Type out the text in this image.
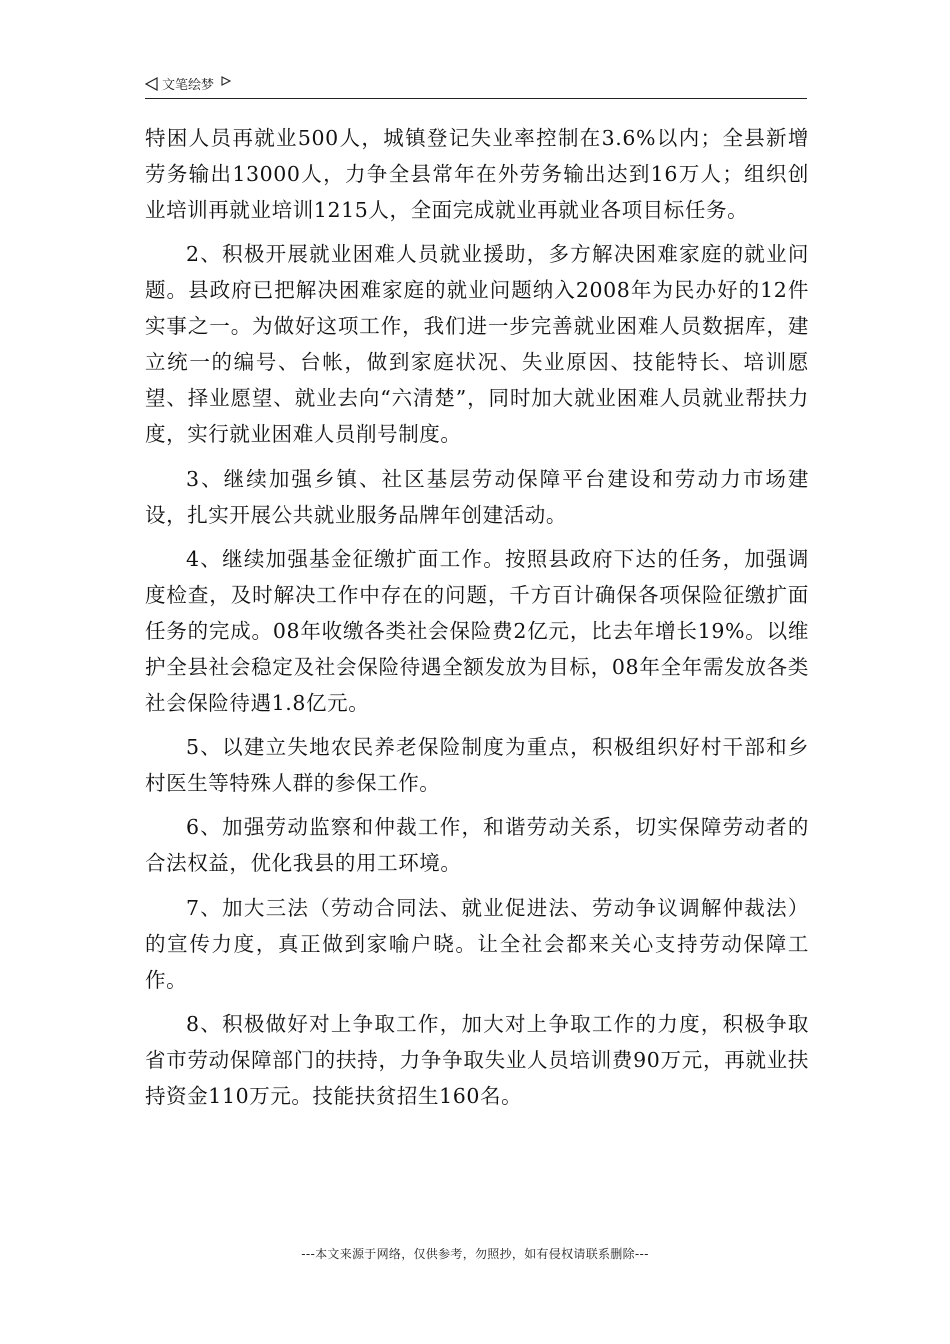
文笔绘梦

特困人员再就业500人，城镇登记失业率控制在3.6%以内；全县新增劳务输出13000人，力争全县常年在外劳务输出达到16万人；组织创业培训再就业培训1215人，全面完成就业再就业各项目标任务。

2、积极开展就业困难人员就业援助，多方解决困难家庭的就业问题。县政府已把解决困难家庭的就业问题纳入2008年为民办好的12件实事之一。为做好这项工作，我们进一步完善就业困难人员数据库，建立统一的编号、台帐，做到家庭状况、失业原因、技能特长、培训愿望、择业愿望、就业去向“六清楚”，同时加大就业困难人员就业帮扶力度，实行就业困难人员削号制度。

3、继续加强乡镇、社区基层劳动保障平台建设和劳动力市场建设，扎实开展公共就业服务品牌年创建活动。

4、继续加强基金征缴扩面工作。按照县政府下达的任务，加强调度检查，及时解决工作中存在的问题，千方百计确保各项保险征缴扩面任务的完成。08年收缴各类社会保险费2亿元，比去年增长19%。以维护全县社会稳定及社会保险待遇全额发放为目标，08年全年需发放各类社会保险待遇1.8亿元。

5、以建立失地农民养老保险制度为重点，积极组织好村干部和乡村医生等特殊人群的参保工作。

6、加强劳动监察和仲裁工作，和谐劳动关系，切实保障劳动者的合法权益，优化我县的用工环境。

7、加大三法（劳动合同法、就业促进法、劳动争议调解仲裁法）的宣传力度，真正做到家喻户晓。让全社会都来关心支持劳动保障工作。

8、积极做好对上争取工作，加大对上争取工作的力度，积极争取省市劳动保障部门的扶持，力争争取失业人员培训费90万元，再就业扶持资金110万元。技能扶贫招生160名。

---本文来源于网络，仅供参考，勿照抄，如有侵权请联系删除---
